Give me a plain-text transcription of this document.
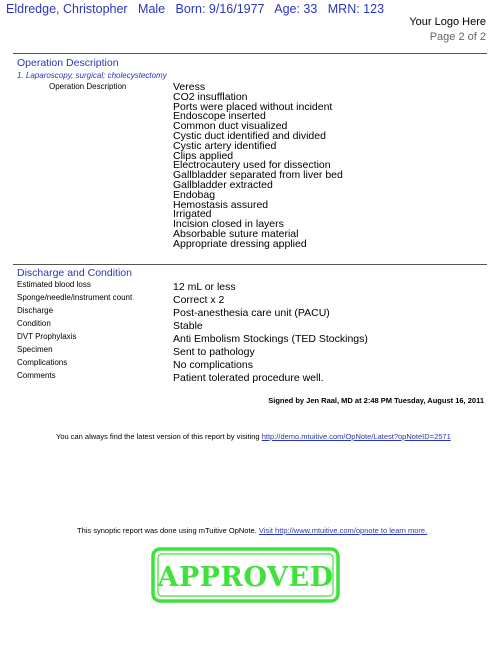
Eldredge, Christopher Male Born: 9/16/1977 Age: 33 MRN: 123
Your Logo Here
Page 2 of 2
Operation Description
1. Laparoscopy, surgical; cholecystectomy
Operation Description	Veress
CO2 insufflation
Ports were placed without incident
Endoscope inserted
Common duct visualized
Cystic duct identified and divided
Cystic artery identified
Clips applied
Electrocautery used for dissection
Gallbladder separated from liver bed
Gallbladder extracted
Endobag
Hemostasis assured
Irrigated
Incision closed in layers
Absorbable suture material
Appropriate dressing applied
Discharge and Condition
Estimated blood loss	12 mL or less
Sponge/needle/instrument count	Correct x 2
Discharge	Post-anesthesia care unit (PACU)
Condition	Stable
DVT Prophylaxis	Anti Embolism Stockings (TED Stockings)
Specimen	Sent to pathology
Complications	No complications
Comments	Patient tolerated procedure well.
Signed by Jen Raal, MD at 2:48 PM Tuesday, August 16, 2011
You can always find the latest version of this report by visiting http://demo.mtuitive.com/OpNote/Latest?opNoteID=2571
This synoptic report was done using mTuitive OpNote. Visit http://www.mtuitive.com/opnote to learn more.
APPROVED
